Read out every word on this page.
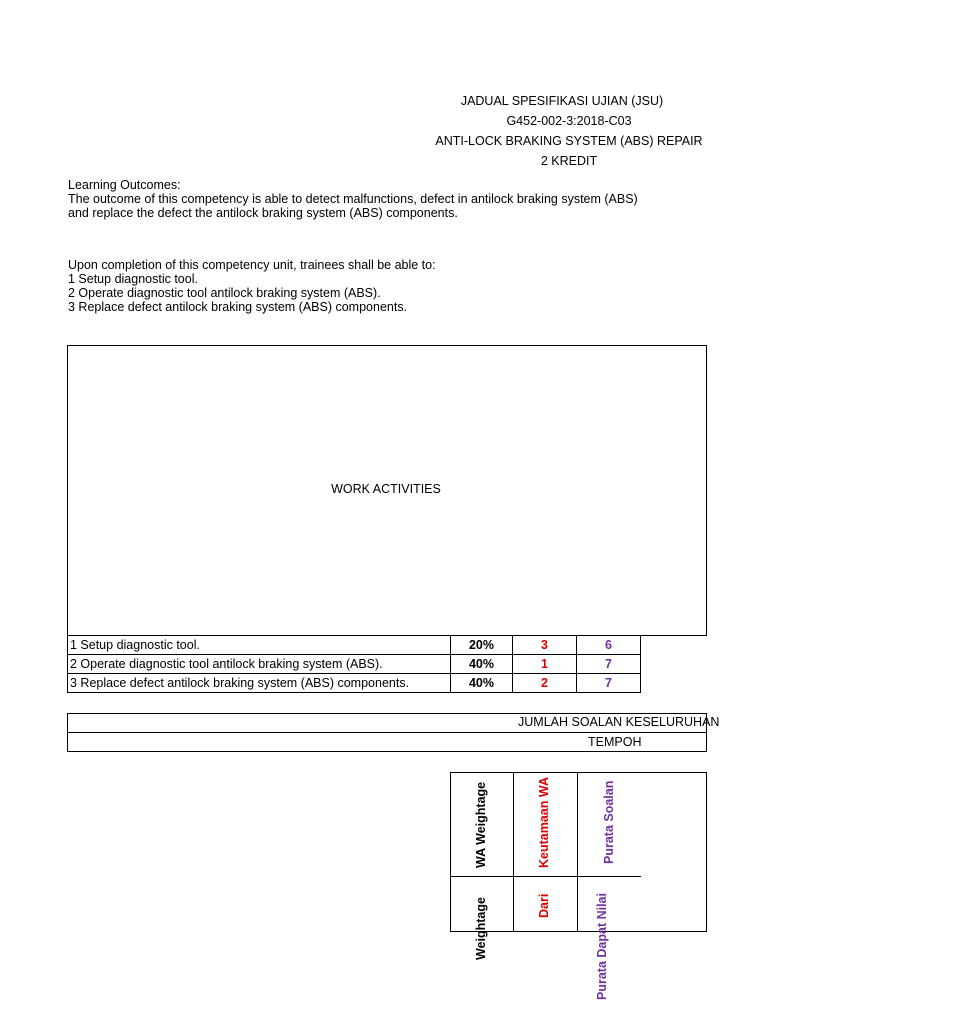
JADUAL SPESIFIKASI UJIAN (JSU)
G452-002-3:2018-C03
ANTI-LOCK BRAKING SYSTEM (ABS) REPAIR
2 KREDIT
Learning Outcomes:
The outcome of this competency is able to detect malfunctions, defect in antilock braking system (ABS)
and replace the defect the antilock braking system (ABS) components.
Upon completion of this competency unit, trainees shall be able to:
1 Setup diagnostic tool.
2 Operate diagnostic tool antilock braking system (ABS).
3 Replace defect antilock braking system (ABS) components.
WORK ACTIVITIES
1 Setup diagnostic tool.	20%	3	6
2 Operate diagnostic tool antilock braking system (ABS).	40%	1	7
3 Replace defect antilock braking system (ABS) components.	40%	2	7
JUMLAH SOALAN KESELURUHAN
TEMPOH
WA Weightage	Keutamaan WA	Purata Soalan
Weightage	Dari	Purata Dapat Nilai
